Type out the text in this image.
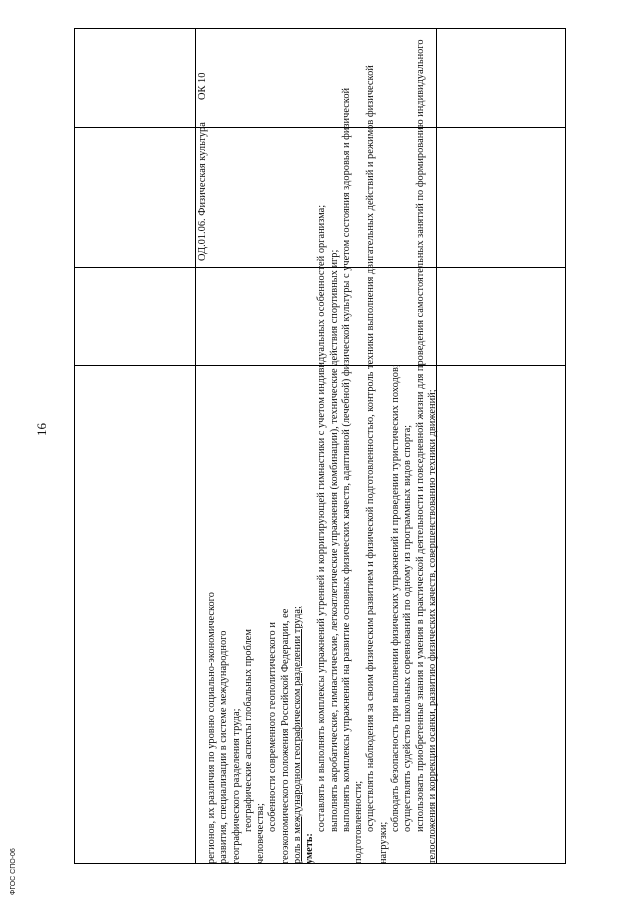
16

регионов, их различия по уровню социально-экономического развития, специализации в системе международного географического разделения труда; географические аспекты глобальных проблем

человечества;

особенности современного геополитического и геоэкономического положения Российской Федерации, ее роль в международном географическом разделении труда; уметь:

составлять и выполнять комплексы упражнений утренней и корригирующей гимнастики с учетом индивидуальных особенностей организма; выполнять акробатические, гимнастические, легкоатлетические упражнения (комбинации), технические действия спортивных игр; выполнять комплексы упражнений на развитие основных физических качеств, адаптивной (лечебной) физической культуры с учетом состояния здоровья и физической подготовленности; осуществлять наблюдения за своим физическим развитием и физической подготовленностью, контроль техники выполнения двигательных действий и режимов физической нагрузки;

соблюдать безопасность при выполнении физических упражнений и проведении туристических походов; осуществлять судейство школьных соревнований по одному из программных видов спорта; использовать приобретенные знания и умения в практической деятельности и повседневной жизни для проведения самостоятельных занятий по формированию индивидуального телосложения и коррекции осанки, развитию физических качеств, совершенствованию техники движений;

ОД.01.06. Физическая культура
ОК 10
ФГОС СПО-06
